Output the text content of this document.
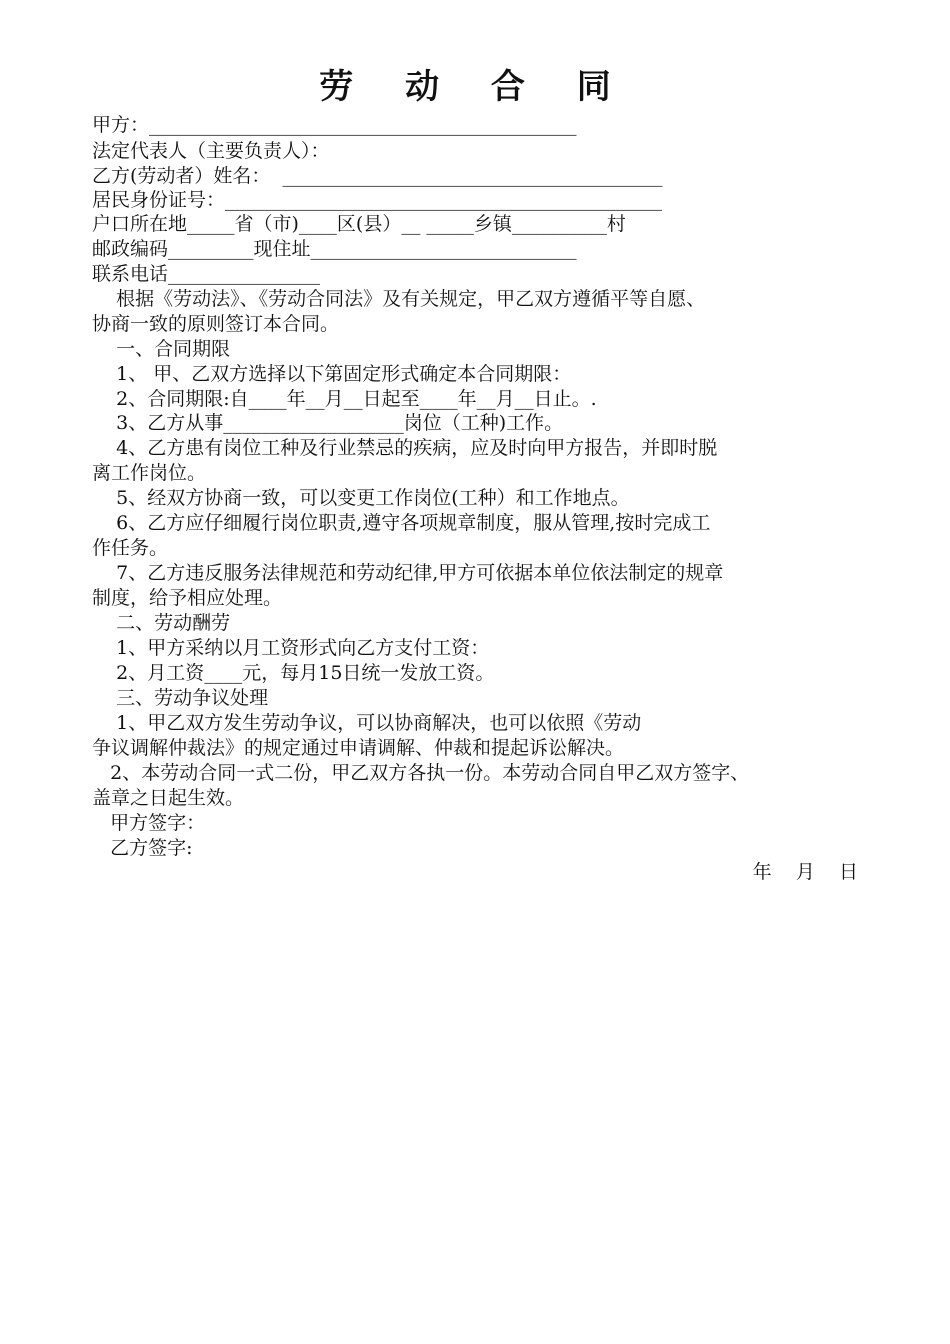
劳 动 合 同
甲方：_____________________________________________
法定代表人（主要负责人）：
乙方(劳动者）姓名：  ________________________________________
居民身份证号：______________________________________________
户口所在地_____省（市)____区(县）__ _____乡镇__________村
邮政编码_________现住址____________________________
联系电话________________
根据《劳动法》、《劳动合同法》及有关规定，甲乙双方遵循平等自愿、
协商一致的原则签订本合同。
一、合同期限
1、 甲、乙双方选择以下第固定形式确定本合同期限：
2、合同期限:自____年__月__日起至____年__月__日止。.
3、乙方从事___________________岗位（工种)工作。
4、乙方患有岗位工种及行业禁忌的疾病，应及时向甲方报告，并即时脱
离工作岗位。
5、经双方协商一致，可以变更工作岗位(工种）和工作地点。
6、乙方应仔细履行岗位职责,遵守各项规章制度，服从管理,按时完成工
作任务。
7、乙方违反服务法律规范和劳动纪律,甲方可依据本单位依法制定的规章
制度，给予相应处理。
二、劳动酬劳
1、甲方采纳以月工资形式向乙方支付工资：
2、月工资____元，每月15日统一发放工资。
三、劳动争议处理
1、甲乙双方发生劳动争议，可以协商解决，也可以依照《劳动
争议调解仲裁法》的规定通过申请调解、仲裁和提起诉讼解决。
2、本劳动合同一式二份，甲乙双方各执一份。本劳动合同自甲乙双方签字、
盖章之日起生效。
甲方签字：
乙方签字:
年    月    日
